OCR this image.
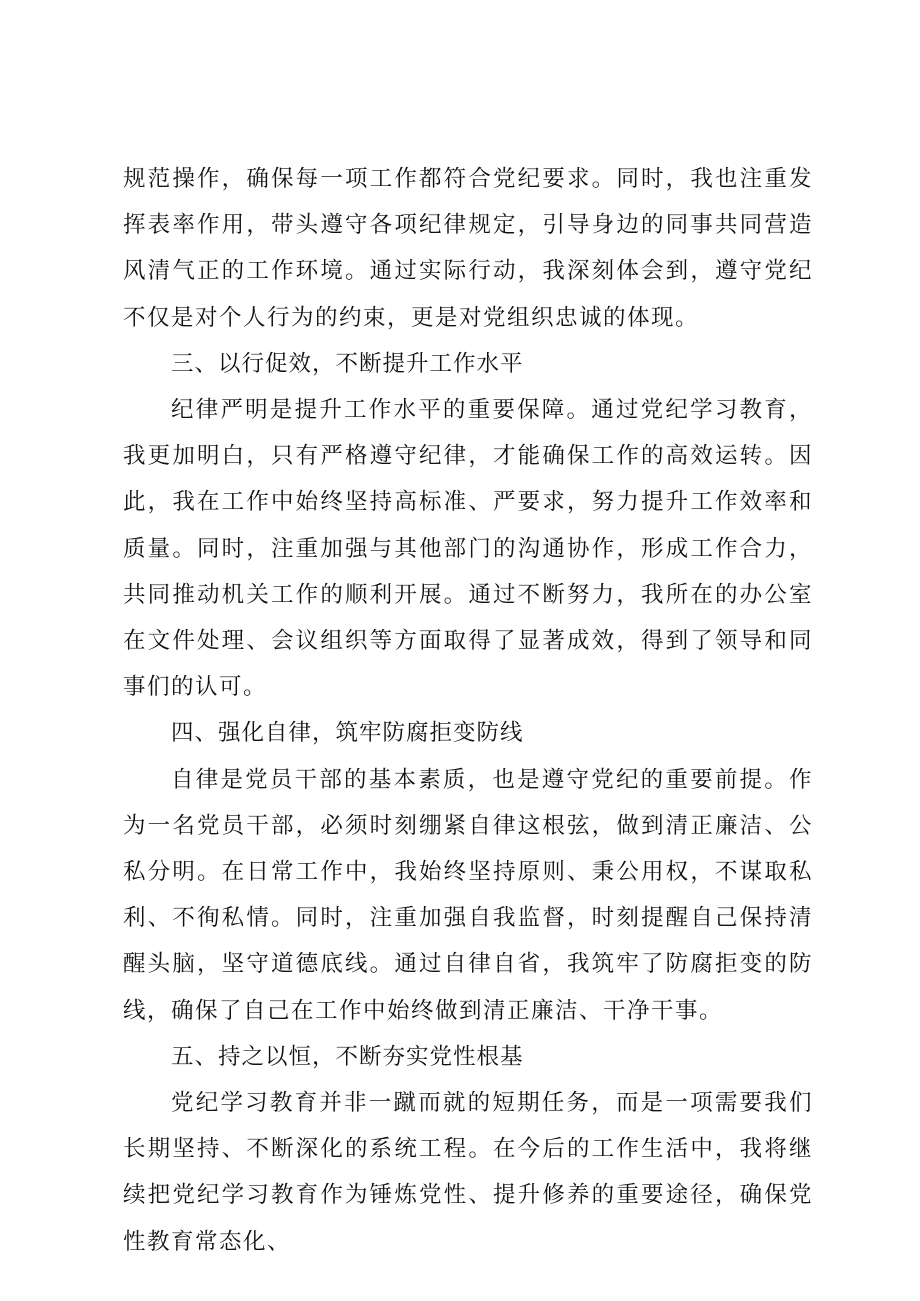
规范操作，确保每一项工作都符合党纪要求。同时，我也注重发挥表率作用，带头遵守各项纪律规定，引导身边的同事共同营造风清气正的工作环境。通过实际行动，我深刻体会到，遵守党纪不仅是对个人行为的约束，更是对党组织忠诚的体现。

三、以行促效，不断提升工作水平

纪律严明是提升工作水平的重要保障。通过党纪学习教育，我更加明白，只有严格遵守纪律，才能确保工作的高效运转。因此，我在工作中始终坚持高标准、严要求，努力提升工作效率和质量。同时，注重加强与其他部门的沟通协作，形成工作合力，共同推动机关工作的顺利开展。通过不断努力，我所在的办公室在文件处理、会议组织等方面取得了显著成效，得到了领导和同事们的认可。

四、强化自律，筑牢防腐拒变防线

自律是党员干部的基本素质，也是遵守党纪的重要前提。作为一名党员干部，必须时刻绷紧自律这根弦，做到清正廉洁、公私分明。在日常工作中，我始终坚持原则、秉公用权，不谋取私利、不徇私情。同时，注重加强自我监督，时刻提醒自己保持清醒头脑，坚守道德底线。通过自律自省，我筑牢了防腐拒变的防线，确保了自己在工作中始终做到清正廉洁、干净干事。

五、持之以恒，不断夯实党性根基

党纪学习教育并非一蹴而就的短期任务，而是一项需要我们长期坚持、不断深化的系统工程。在今后的工作生活中，我将继续把党纪学习教育作为锤炼党性、提升修养的重要途径，确保党性教育常态化、
